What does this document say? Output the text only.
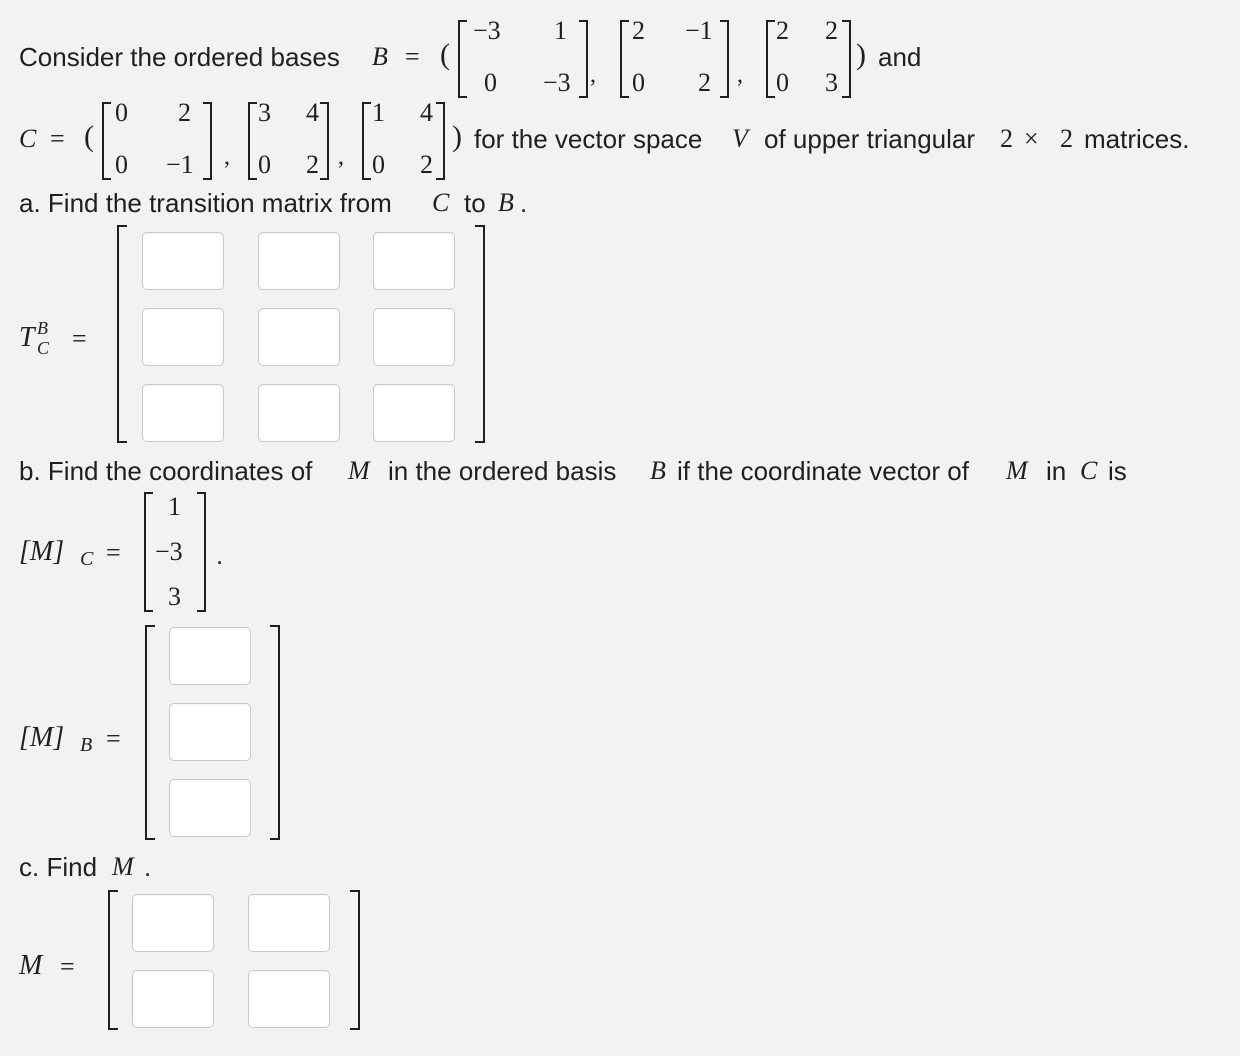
Consider the ordered bases B = (
−3 1
0 −3 ,
2 −1
0 2 ,
2 2
0 3
) and
C = (
0 2
0 −1 ,
3 4
0 2 ,
1 4
0 2
) for the vector space V of upper triangular 2 × 2 matrices.
a. Find the transition matrix from C to B .
T B
C =
b. Find the coordinates of M in the ordered basis B if the coordinate vector of M in C is
[M] C =
1
−3
3
.
[M] B =
c. Find M .
M =
